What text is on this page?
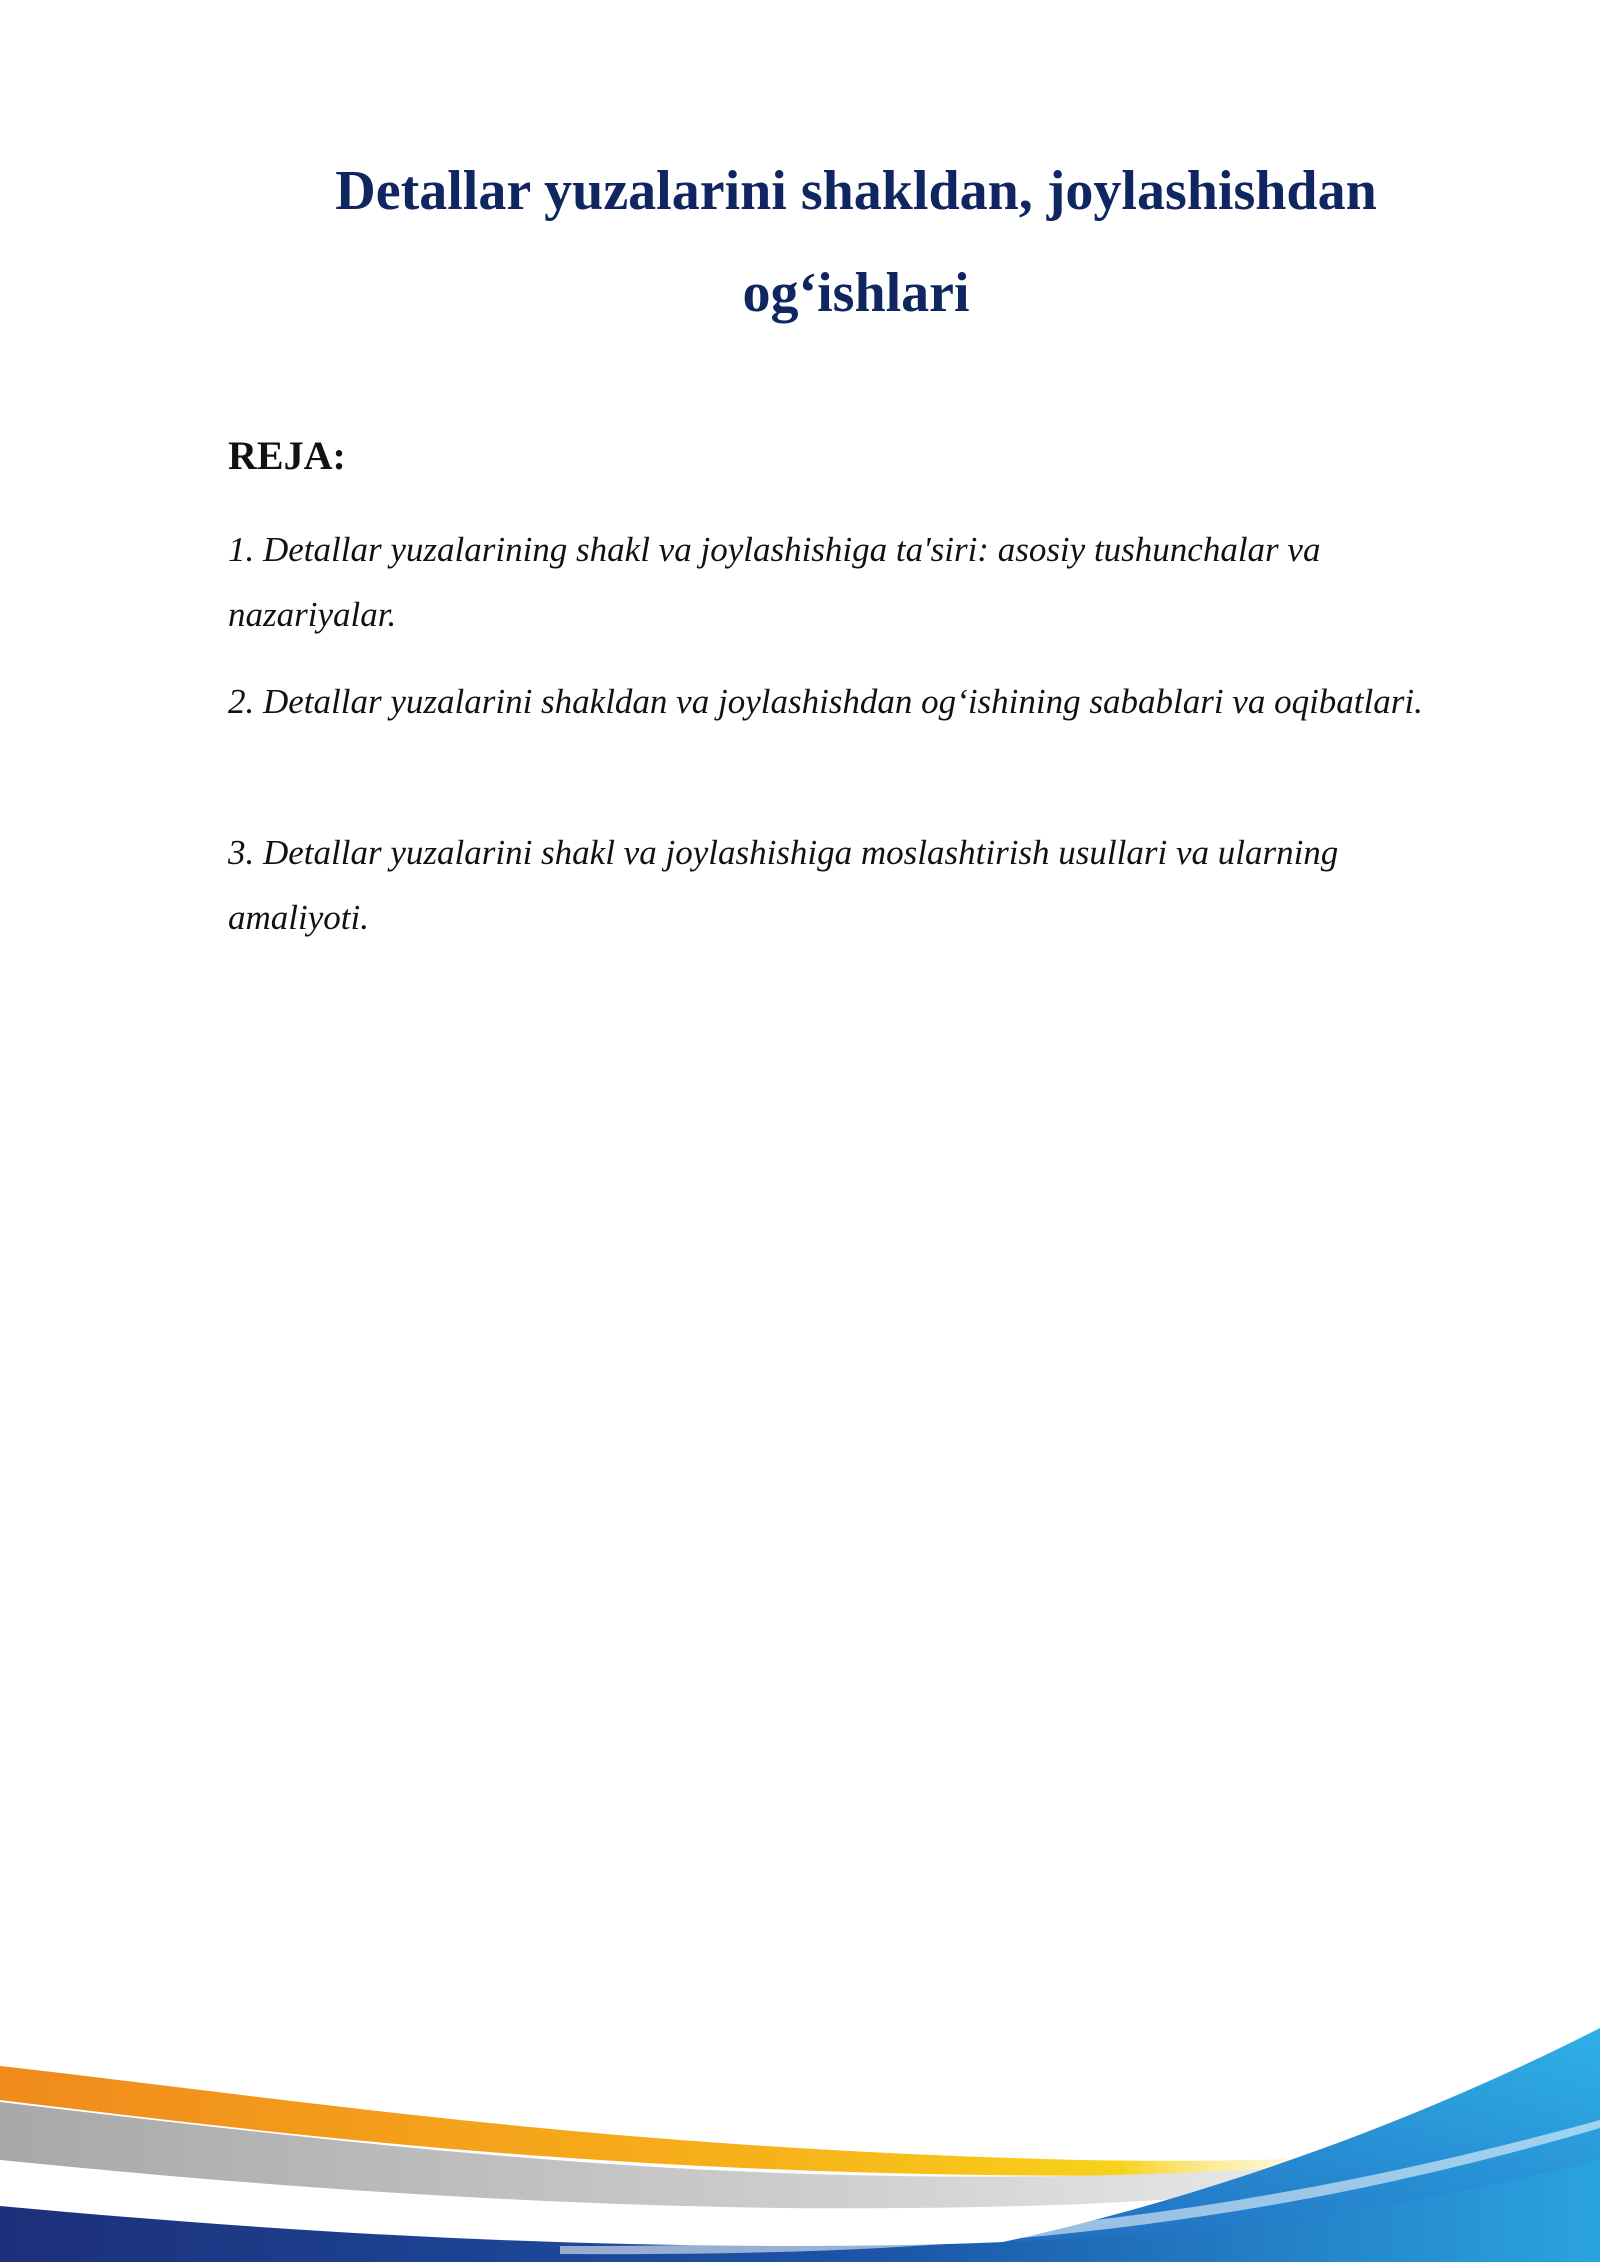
Detallar yuzalarini shakldan, joylashishdan og‘ishlari

REJA:

1. Detallar yuzalarining shakl va joylashishiga ta'siri: asosiy tushunchalar va nazariyalar.

2. Detallar yuzalarini shakldan va joylashishdan og‘ishining sabablari va oqibatlari.

3. Detallar yuzalarini shakl va joylashishiga moslashtirish usullari va ularning amaliyoti.
